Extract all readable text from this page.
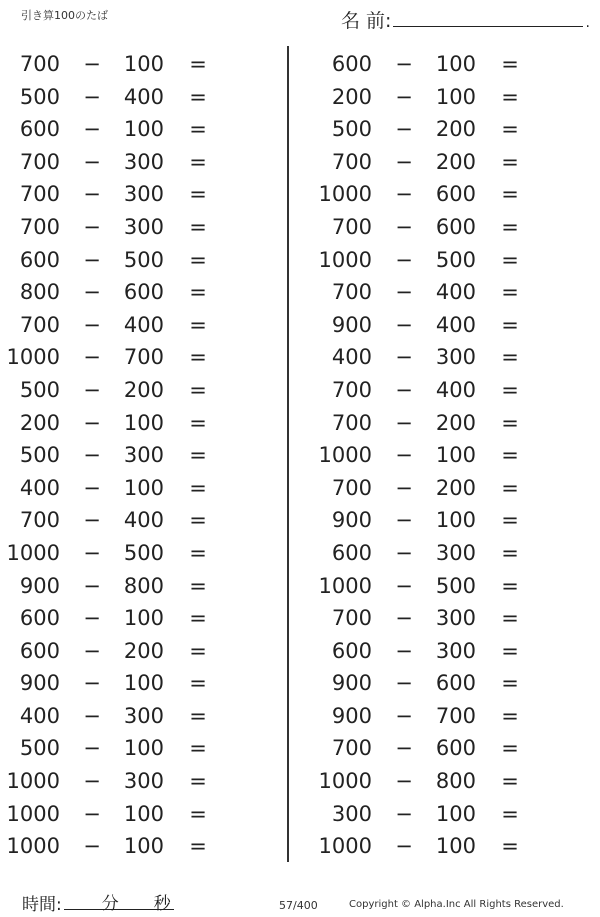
引き算100のたば	名 前:	.
700 −	100 =
500 −	400 =
600 −	100 =
700 −	300 =
700 −	300 =
700 −	300 =
600 −	500 =
800 −	600 =
700 −	400 =
1000 −	700 =
500 −	200 =
200 −	100 =
500 −	300 =
400 −	100 =
700 −	400 =
1000 −	500 =
900 −	800 =
600 −	100 =
600 −	200 =
900 −	100 =
400 −	300 =
500 −	100 =
1000 −	300 =
1000 −	100 =
1000 −	100 =
600 −	100 =
200 −	100 =
500 −	200 =
700 −	200 =
1000 −	600 =
700 −	600 =
1000 −	500 =
700 −	400 =
900 −	400 =
400 −	300 =
700 −	400 =
700 −	200 =
1000 −	100 =
700 −	200 =
900 −	100 =
600 −	300 =
1000 −	500 =
700 −	300 =
600 −	300 =
900 −	600 =
900 −	700 =
700 −	600 =
1000 −	800 =
300 −	100 =
1000 −	100 =
時間: 分 秒	57/400	Copyright © Alpha.Inc All Rights Reserved.
